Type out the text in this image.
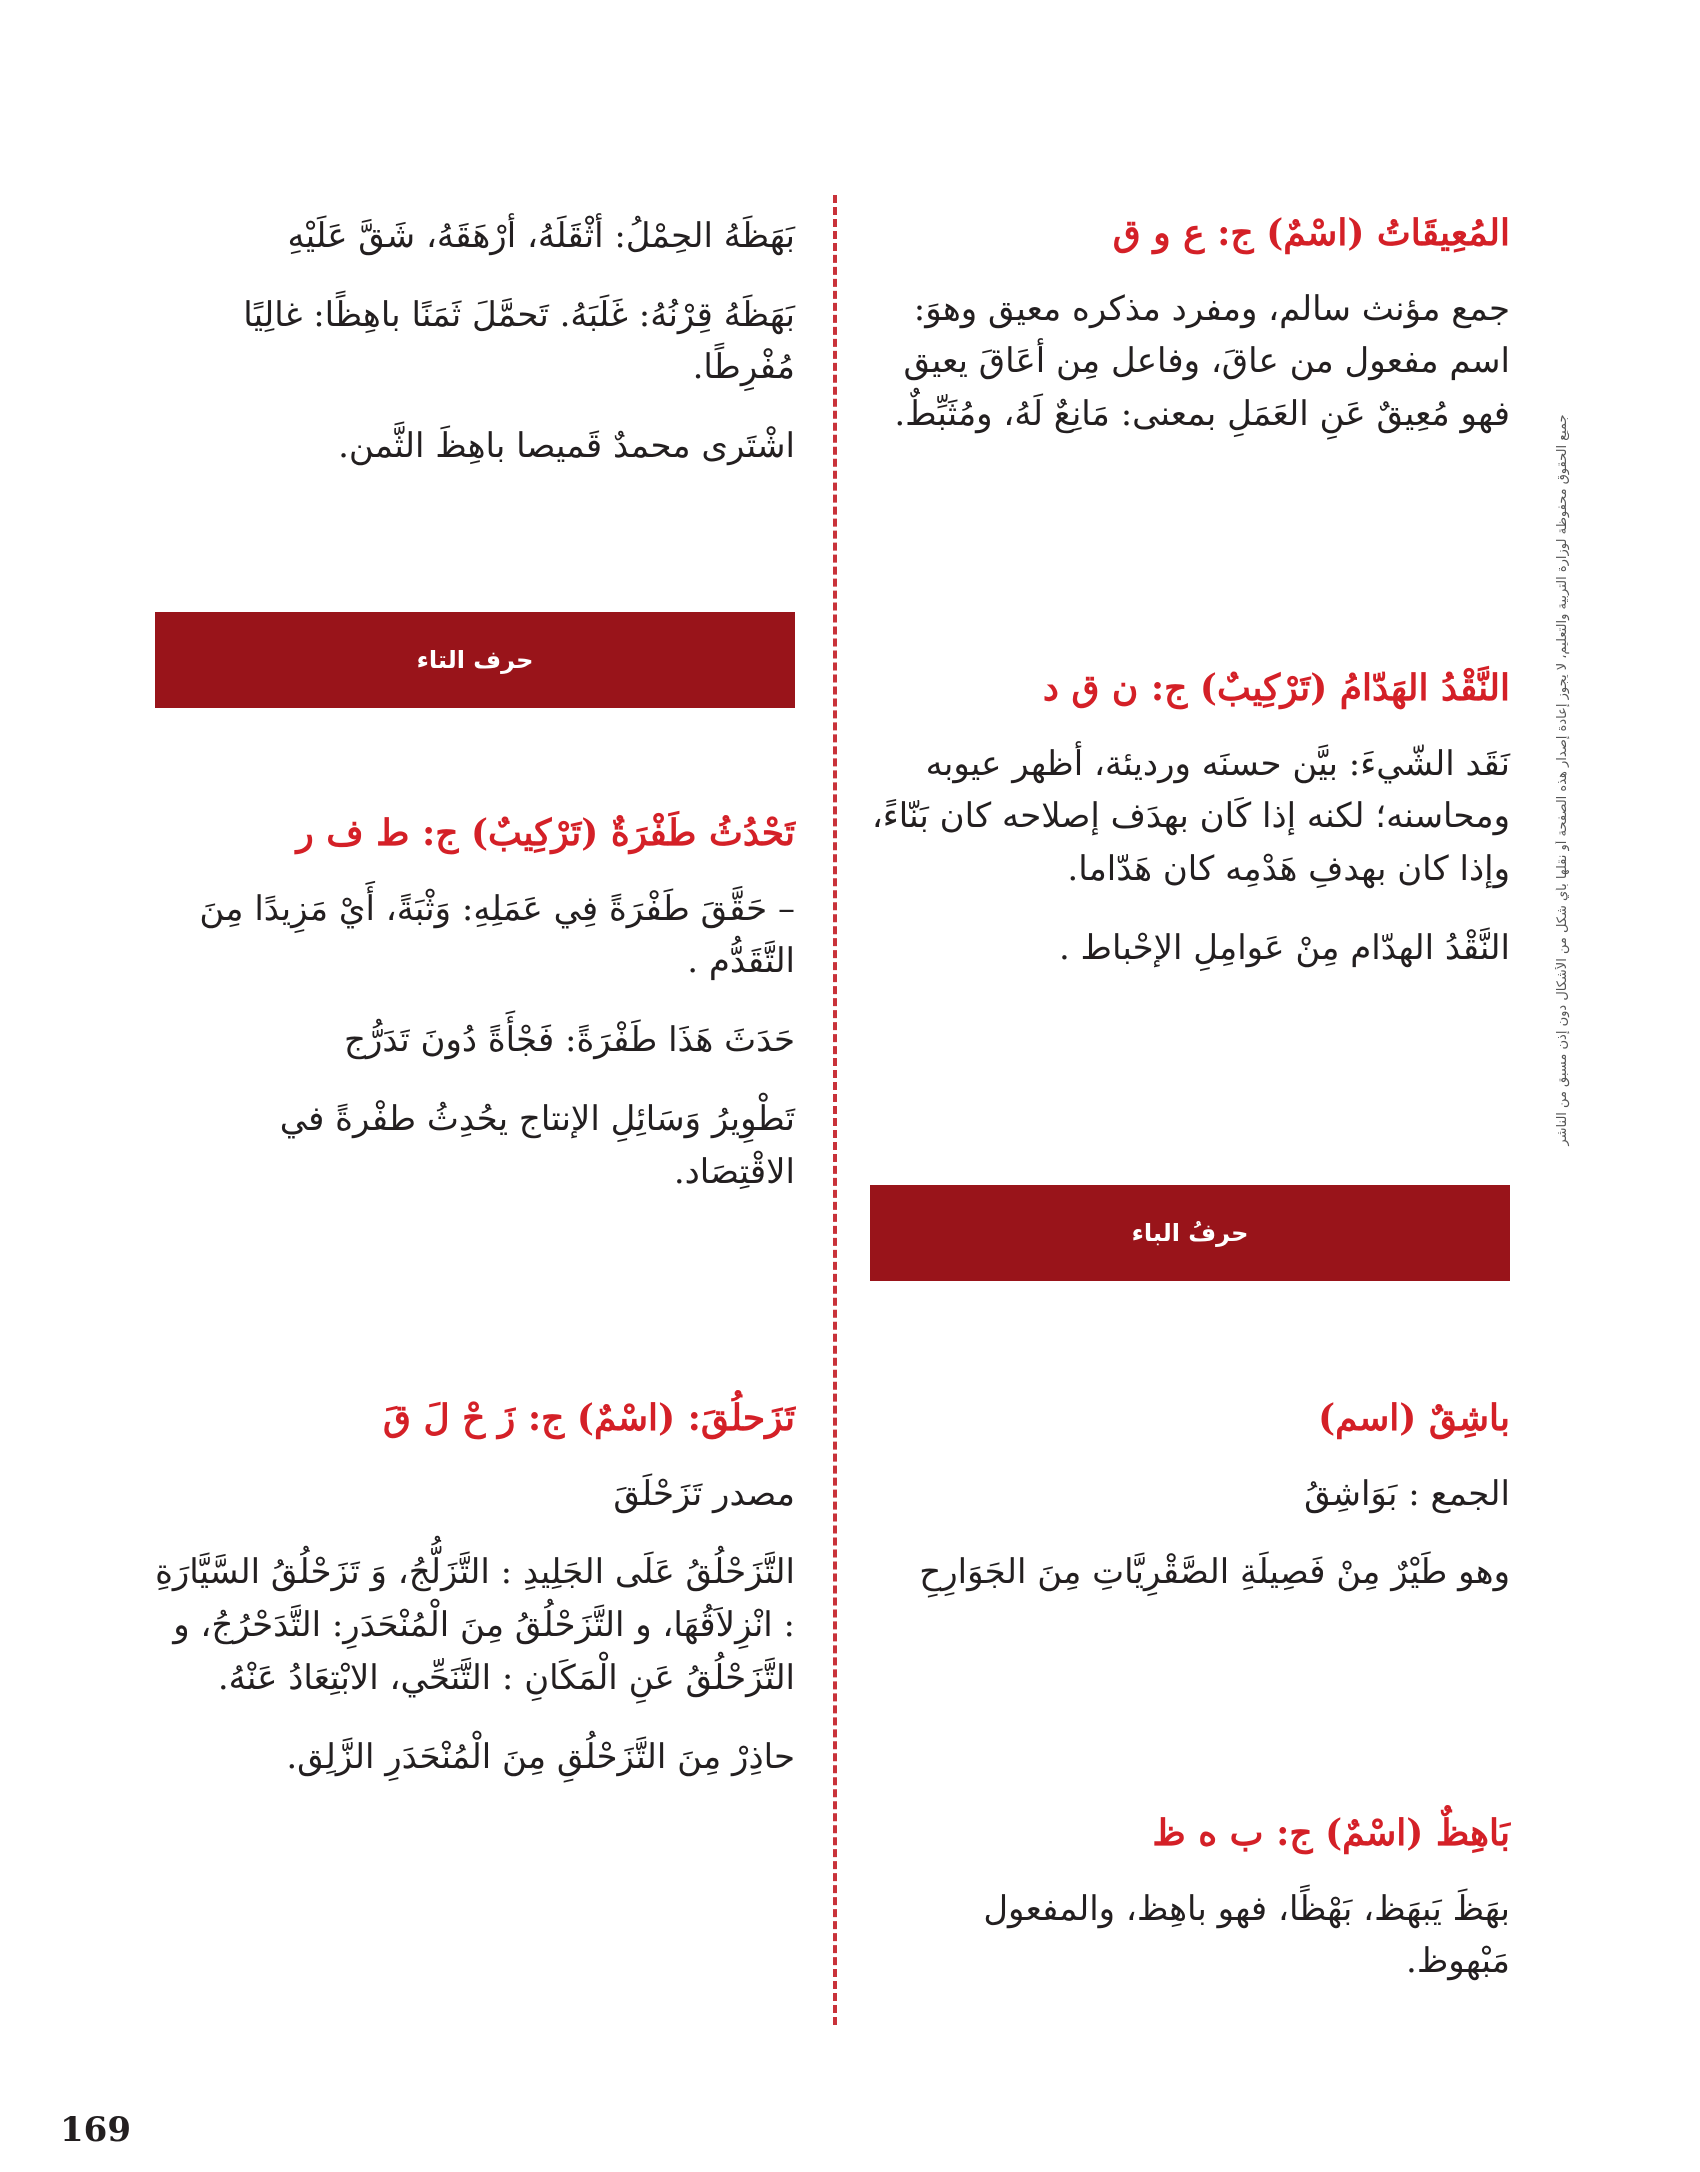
المُعِيقَاتُ (اسْمٌ) ج: ع و ق
جمع مؤنث سالم، ومفرد مذكره معيق وهوَ: اسم مفعول من عاقَ، وفاعل مِن أعَاقَ يعيق فهو مُعِيقٌ عَنِ العَمَلِ بمعنى: مَانِعٌ لَهُ، ومُثَبِّطٌ.
النَّقْدُ الهَدّامُ (تَرْكِيبٌ) ج: ن ق د
نَقَد الشّيءَ: بيَّن حسنَه ورديئة، أظهر عيوبه ومحاسنه؛ لكنه إذا كَان بهدَف إصلاحه كان بَنّاءً، وإذا كان بهدفِ هَدْمِه كان هَدّاما.
النَّقْدُ الهدّام مِنْ عَوامِلِ الإحْباط .
باشِقٌ (اسم)
الجمع : بَوَاشِقُ
وهو طَيْرٌ مِنْ فَصِيلَةِ الصَّقْرِيَّاتِ مِنَ الجَوَارِحِ
بَاهِظٌ (اسْمٌ) ج: ب ه ظ
بهَظَ يَبهَظ، بَهْظًا، فهو باهِظ، والمفعول مَبْهوظ.
حرفُ الباء
بَهَظَهُ الحِمْلُ: أثْقَلَهُ، أرْهَقَهُ، شَقَّ عَلَيْهِ
بَهَظَهُ قِرْنُهُ: غَلَبَهُ. تَحمَّلَ ثَمَنًا باهِظًا: غالِيًا مُفْرِطًا.
اشْتَرى محمدٌ قَميصا باهِظَ الثَّمن.
تَحْدُثُ طَفْرَةٌ (تَرْكِيبٌ) ج: ط ف ر
– حَقَّقَ طَفْرَةً فِي عَمَلِهِ: وَثْبَةً، أَيْ مَزِيدًا مِنَ التَّقَدُّم .
حَدَثَ هَذَا طَفْرَةً: فَجْأَةً دُونَ تَدَرُّج
تَطْوِيرُ وَسَائِلِ الإنتاج يحُدِثُ طفْرةً في الاقْتِصَاد.
تَزَحلُقَ: (اسْمٌ) ج: زَ حْ لَ قَ
مصدر تَزَحْلَقَ
التَّزَحْلُقُ عَلَى الجَلِيدِ : التَّزَلُّجُ، وَ تَزَحْلُقُ السَّيَّارَةِ : انْزِلاَقُهَا، و التَّزَحْلُقُ مِنَ الْمُنْحَدَرِ: التَّدَحْرُجُ، و التَّزَحْلُقُ عَنِ الْمَكَانِ : التَّنَحِّي، الابْتِعَادُ عَنْهُ.
حاذِرْ مِنَ التَّزَحْلُقِ مِنَ الْمُنْحَدَرِ الزَّلِق.
حرف التاء	جميع الحقوق محفوظة لوزارة التربية والتعليم، لا يجوز إعادة إصدار هذه الصفحة أو نقلها بأي شكل من الأشكال دون إذن مسبق من الناشر
169
